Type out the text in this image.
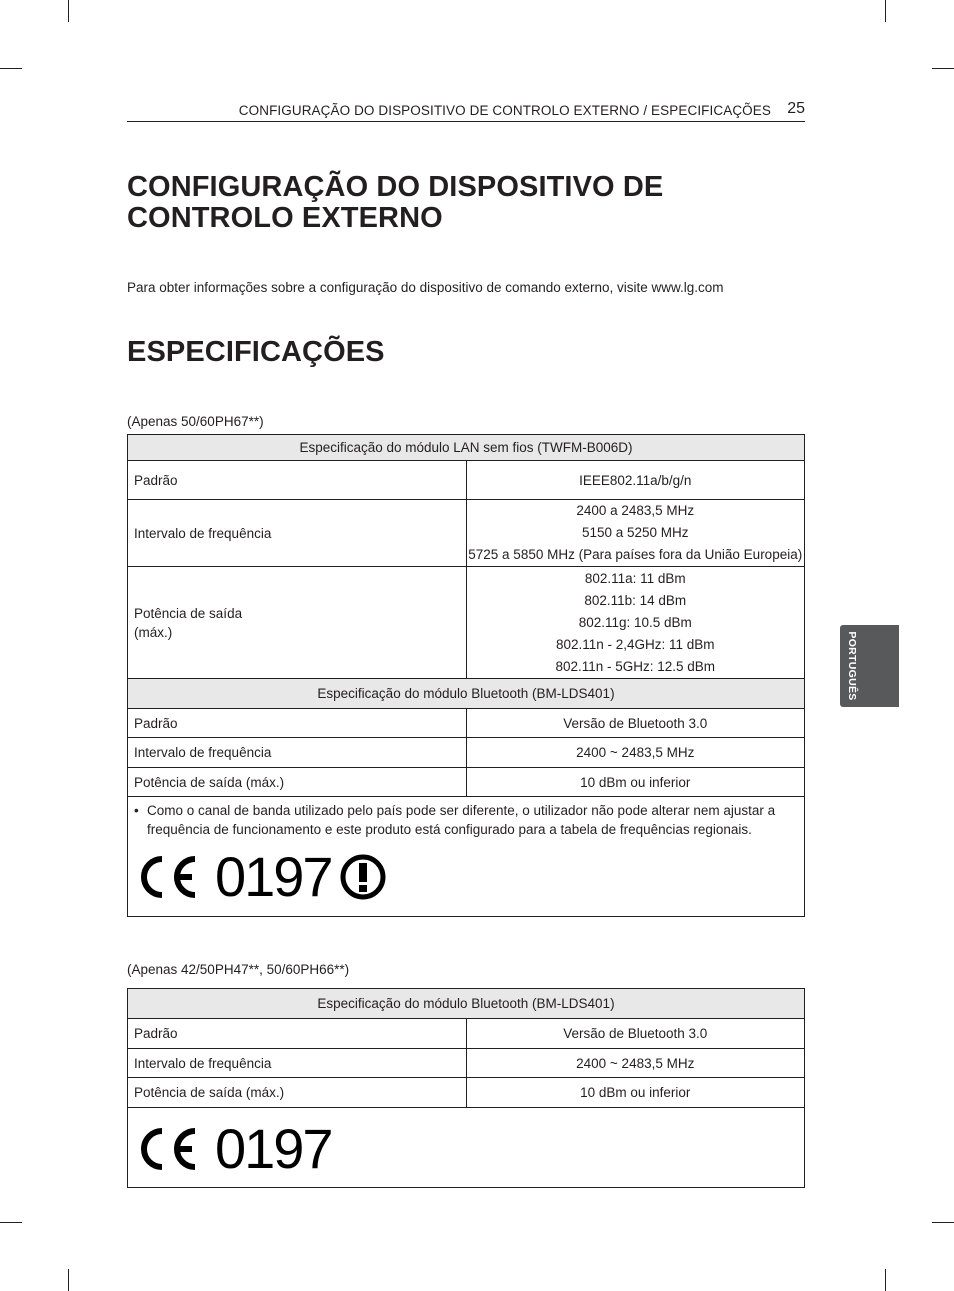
CONFIGURAÇÃO DO DISPOSITIVO DE CONTROLO EXTERNO / ESPECIFICAÇÕES 25
CONFIGURAÇÃO DO DISPOSITIVO DE CONTROLO EXTERNO
Para obter informações sobre a configuração do dispositivo de comando externo, visite www.lg.com
ESPECIFICAÇÕES
(Apenas 50/60PH67**)
Especificação do módulo LAN sem fios (TWFM-B006D)	
Padrão	IEEE802.11a/b/g/n
Intervalo de frequência	2400 a 2483,5 MHz
5150 a 5250 MHz
5725 a 5850 MHz (Para países fora da União Europeia)

Potência de saída
(máx.)	802.11a: 11 dBm
802.11b: 14 dBm
802.11g: 10.5 dBm
802.11n - 2,4GHz: 11 dBm
802.11n - 5GHz: 12.5 dBm

Especificação do módulo Bluetooth (BM-LDS401)	
Padrão	Versão de Bluetooth 3.0
Intervalo de frequência	2400 ~ 2483,5 MHz
Potência de saída (máx.)	10 dBm ou inferior

• Como o canal de banda utilizado pelo país pode ser diferente, o utilizador não pode alterar nem ajustar a frequência de funcionamento e este produto está configurado para a tabela de frequências regionais.
0197	
(Apenas 42/50PH47**, 50/60PH66**)
Especificação do módulo Bluetooth (BM-LDS401)	
Padrão	Versão de Bluetooth 3.0
Intervalo de frequência	2400 ~ 2483,5 MHz
Potência de saída (máx.)	10 dBm ou inferior

0197	
PORTUGUÊS
